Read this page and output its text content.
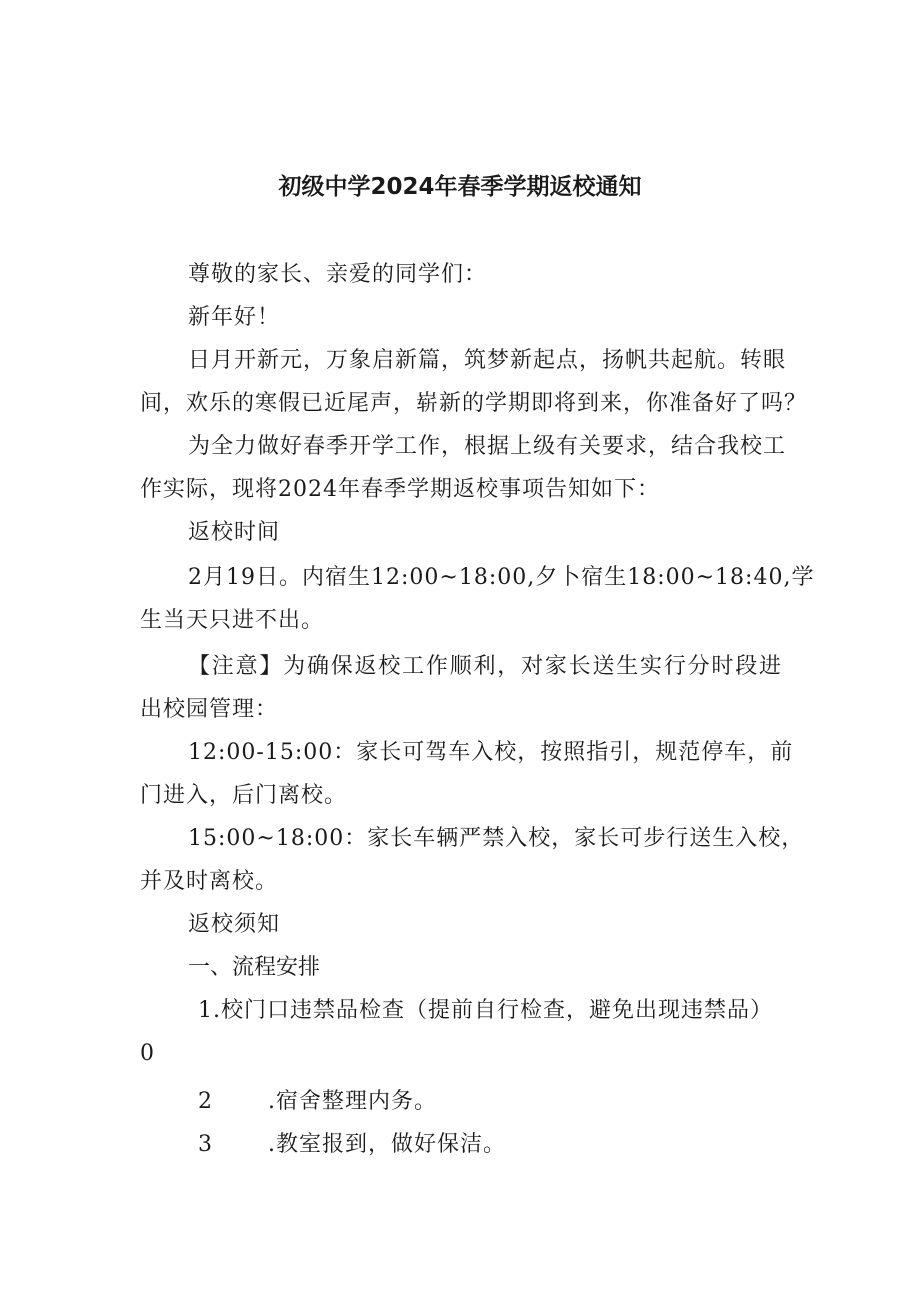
初级中学2024年春季学期返校通知
尊敬的家长、亲爱的同学们：
新年好！
日月开新元，万象启新篇，筑梦新起点，扬帆共起航。转眼
间，欢乐的寒假已近尾声，崭新的学期即将到来，你准备好了吗？
为全力做好春季开学工作，根据上级有关要求，结合我校工
作实际，现将2024年春季学期返校事项告知如下：
返校时间
2月19日。内宿生12:00~18:00,夕卜宿生18:00~18:40,学
生当天只进不出。
【注意】为确保返校工作顺利，对家长送生实行分时段进
出校园管理：
12:00-15:00：家长可驾车入校，按照指引，规范停车，前
门进入，后门离校。
15:00~18:00：家长车辆严禁入校，家长可步行送生入校，
并及时离校。
返校须知
一、流程安排
1.校门口违禁品检查（提前自行检查，避免出现违禁品）
0
2	.宿舍整理内务。
3	.教室报到，做好保洁。
